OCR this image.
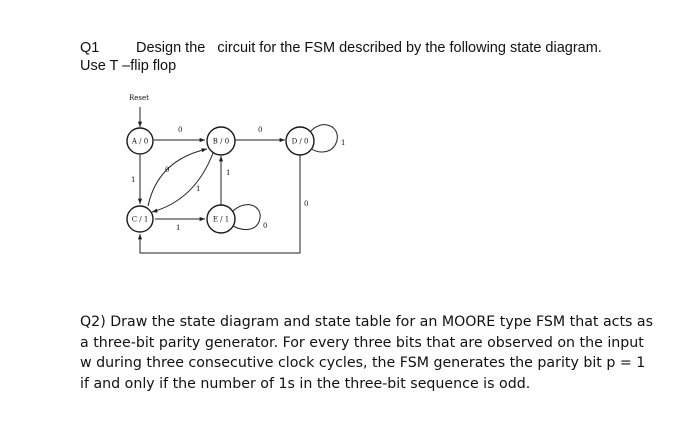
Q1	Design the   circuit for the FSM described by the following state diagram.
Use T –flip flop
Reset
0
1
0
1
0
1
1
0
1
0
A / 0	B / 0	D / 0
C / 1	E / 1
Q2) Draw the state diagram and state table for an MOORE type FSM that acts as
a three-bit parity generator. For every three bits that are observed on the input
w during three consecutive clock cycles, the FSM generates the parity bit p = 1
if and only if the number of 1s in the three-bit sequence is odd.
